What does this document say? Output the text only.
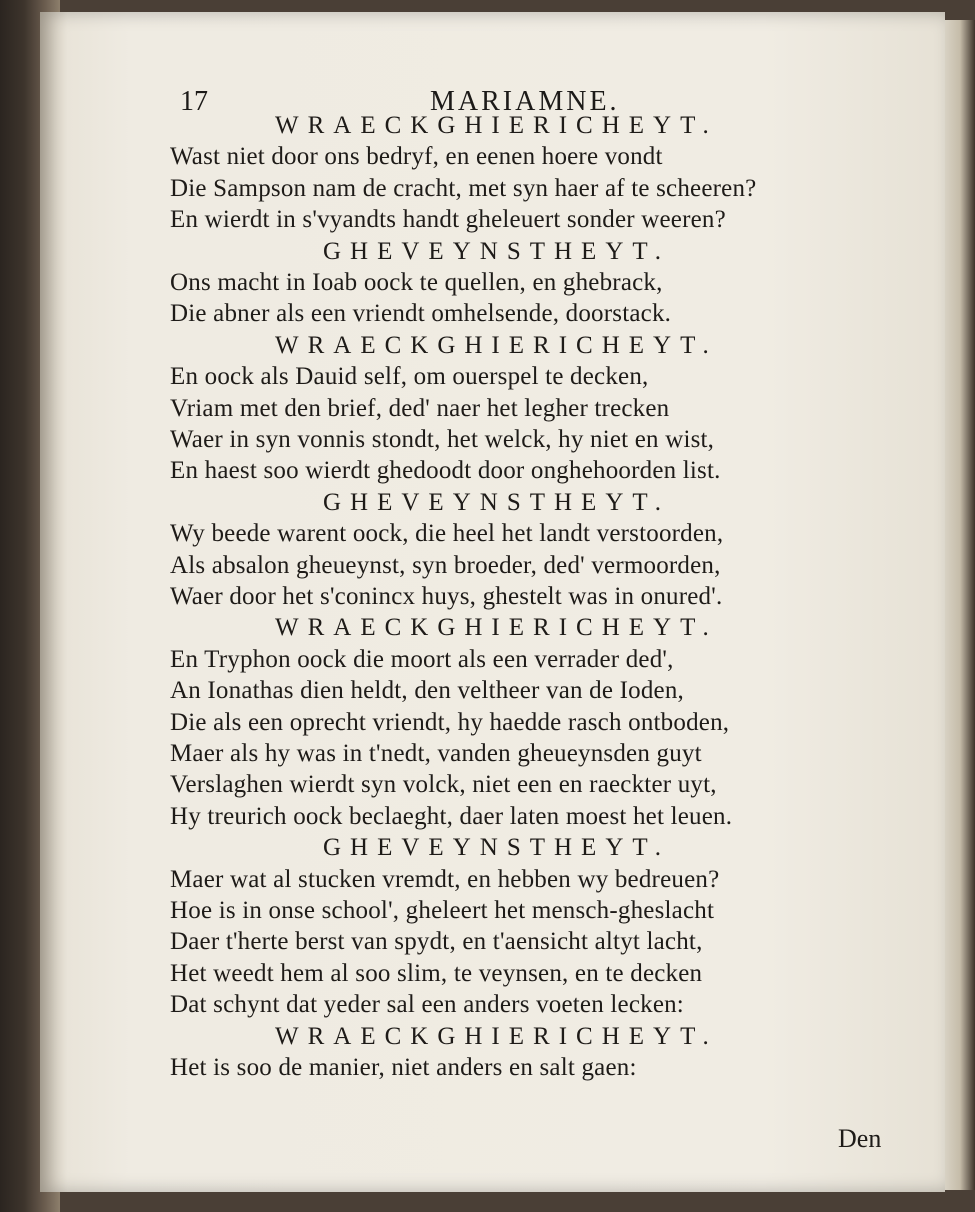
17	MARIAMNE.
WRAECKGHIERICHEYT.
Wast niet door ons bedryf, en eenen hoere vondt
Die Sampson nam de cracht, met syn haer af te scheeren?
En wierdt in s'vyandts handt gheleuert sonder weeren?
GHEVEYNSTHEYT.
Ons macht in Ioab oock te quellen, en ghebrack,
Die abner als een vriendt omhelsende, doorstack.
WRAECKGHIERICHEYT.
En oock als Dauid self, om ouerspel te decken,
Vriam met den brief, ded' naer het legher trecken
Waer in syn vonnis stondt, het welck, hy niet en wist,
En haest soo wierdt ghedoodt door onghehoorden list.
GHEVEYNSTHEYT.
Wy beede warent oock, die heel het landt verstoorden,
Als absalon gheueynst, syn broeder, ded' vermoorden,
Waer door het s'conincx huys, ghestelt was in onured'.
WRAECKGHIERICHEYT.
En Tryphon oock die moort als een verrader ded',
An Ionathas dien heldt, den veltheer van de Ioden,
Die als een oprecht vriendt, hy haedde rasch ontboden,
Maer als hy was in t'nedt, vanden gheueynsden guyt
Verslaghen wierdt syn volck, niet een en raeckter uyt,
Hy treurich oock beclaeght, daer laten moest het leuen.
GHEVEYNSTHEYT.
Maer wat al stucken vremdt, en hebben wy bedreuen?
Hoe is in onse school', gheleert het mensch-gheslacht
Daer t'herte berst van spydt, en t'aensicht altyt lacht,
Het weedt hem al soo slim, te veynsen, en te decken
Dat schynt dat yeder sal een anders voeten lecken:
WRAECKGHIERICHEYT.
Het is soo de manier, niet anders en salt gaen:
Den
